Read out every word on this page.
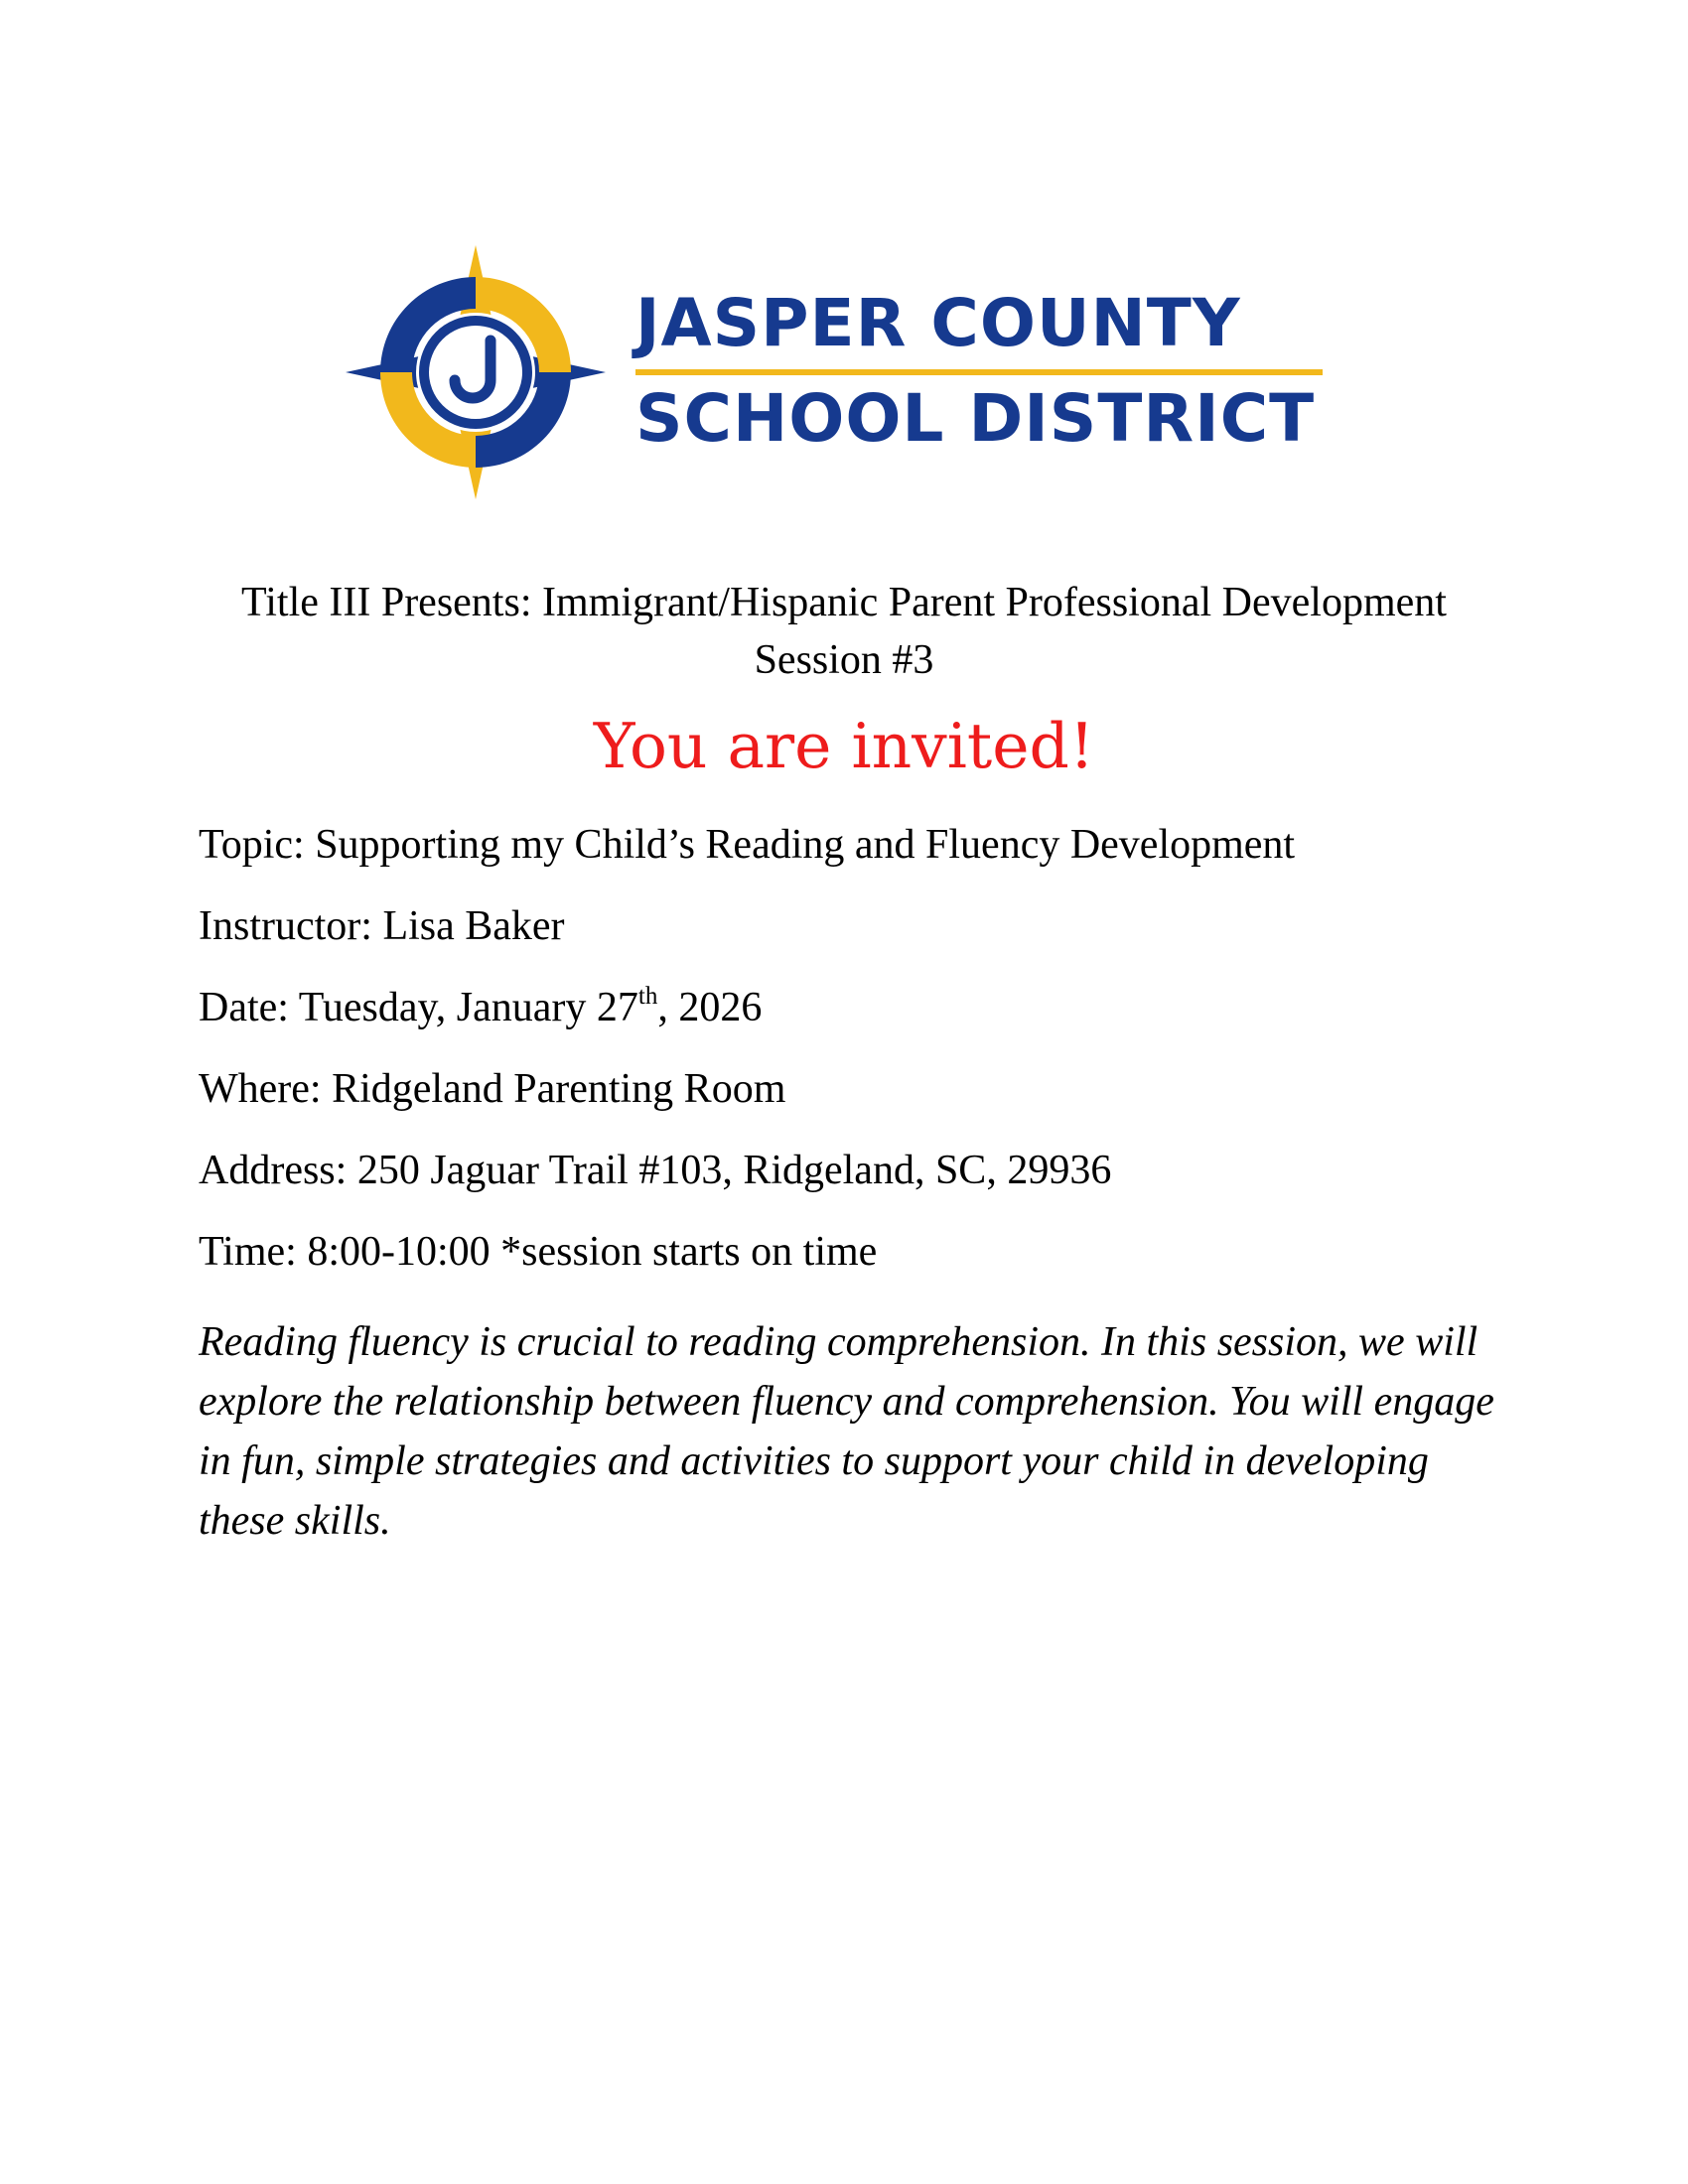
JASPER COUNTY
SCHOOL DISTRICT
Title III Presents: Immigrant/Hispanic Parent Professional Development
Session #3
You are invited!
Topic: Supporting my Child’s Reading and Fluency Development
Instructor: Lisa Baker
Date: Tuesday, January 27th, 2026
Where: Ridgeland Parenting Room
Address: 250 Jaguar Trail #103, Ridgeland, SC, 29936
Time: 8:00-10:00 *session starts on time
Reading fluency is crucial to reading comprehension. In this session, we will explore the relationship between fluency and comprehension. You will engage in fun, simple strategies and activities to support your child in developing these skills.
